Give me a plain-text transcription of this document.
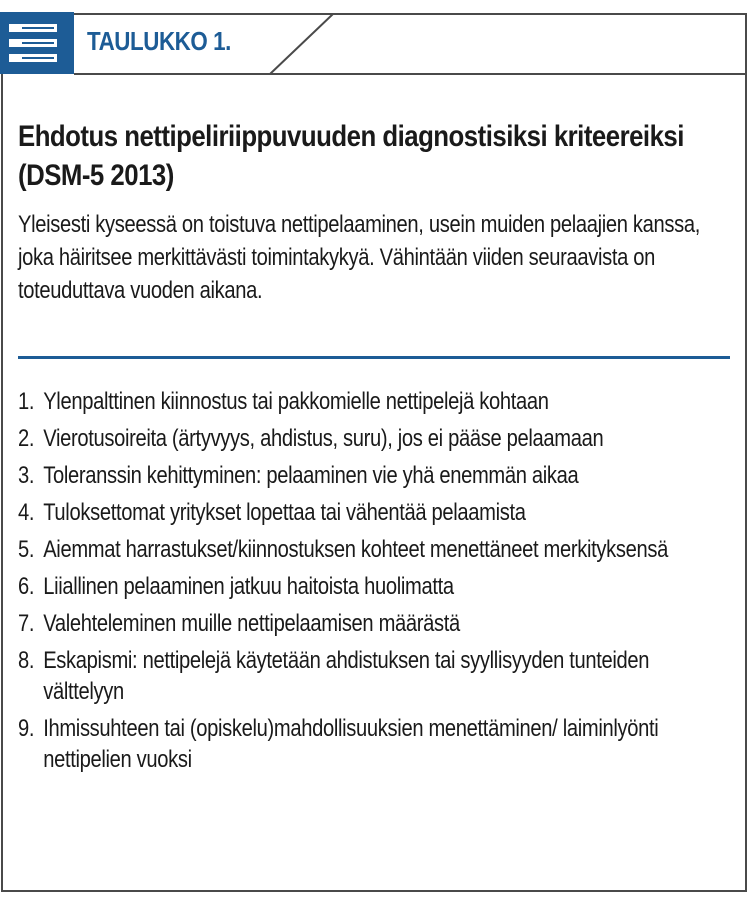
TAULUKKO 1.
Ehdotus nettipeliriippuvuuden diagnostisiksi kriteereiksi (DSM-5 2013)

Yleisesti kyseessä on toistuva nettipelaaminen, usein muiden pelaajien kanssa, joka häiritsee merkittävästi toimintakykyä. Vähintään viiden seuraavista on toteuduttava vuoden aikana.

1. Ylenpalttinen kiinnostus tai pakkomielle nettipelejä kohtaan
2. Vierotusoireita (ärtyvyys, ahdistus, suru), jos ei pääse pelaamaan
3. Toleranssin kehittyminen: pelaaminen vie yhä enemmän aikaa
4. Tuloksettomat yritykset lopettaa tai vähentää pelaamista
5. Aiemmat harrastukset/kiinnostuksen kohteet menettäneet merkityksensä
6. Liiallinen pelaaminen jatkuu haitoista huolimatta
7. Valehteleminen muille nettipelaamisen määrästä
8. Eskapismi: nettipelejä käytetään ahdistuksen tai syyllisyyden tunteiden välttelyyn
9. Ihmissuhteen tai (opiskelu)mahdollisuuksien menettäminen/ laiminlyönti nettipelien vuoksi
